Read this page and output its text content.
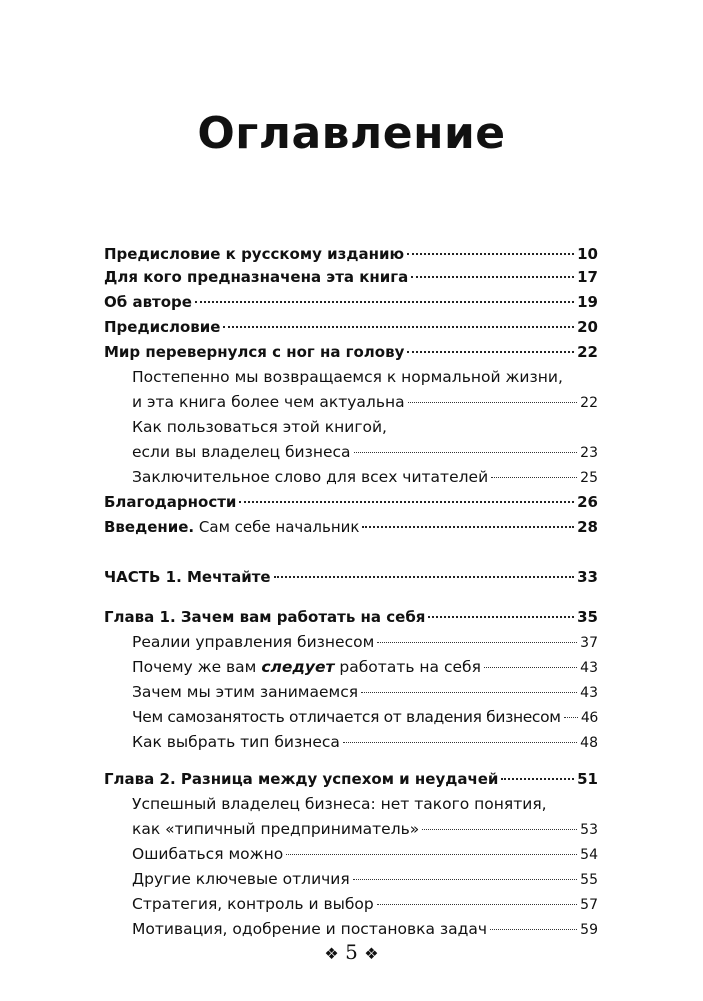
Оглавление
Предисловие к русскому изданию	10
Для кого предназначена эта книга	17
Об авторе	19
Предисловие	20
Мир перевернулся с ног на голову	22
Постепенно мы возвращаемся к нормальной жизни,
и эта книга более чем актуальна	22
Как пользоваться этой книгой,
если вы владелец бизнеса	23
Заключительное слово для всех читателей	25
Благодарности	26
Введение. Сам себе начальник	28
ЧАСТЬ 1. Мечтайте	33
Глава 1. Зачем вам работать на себя	35
Реалии управления бизнесом	37
Почему же вам следует работать на себя	43
Зачем мы этим занимаемся	43
Чем самозанятость отличается от владения бизнесом 46
Как выбрать тип бизнеса	48
Глава 2. Разница между успехом и неудачей	51
Успешный владелец бизнеса: нет такого понятия,
как «типичный предприниматель»	53
Ошибаться можно	54
Другие ключевые отличия	55
Стратегия, контроль и выбор	57
Мотивация, одобрение и постановка задач	59
❖ 5 ❖
